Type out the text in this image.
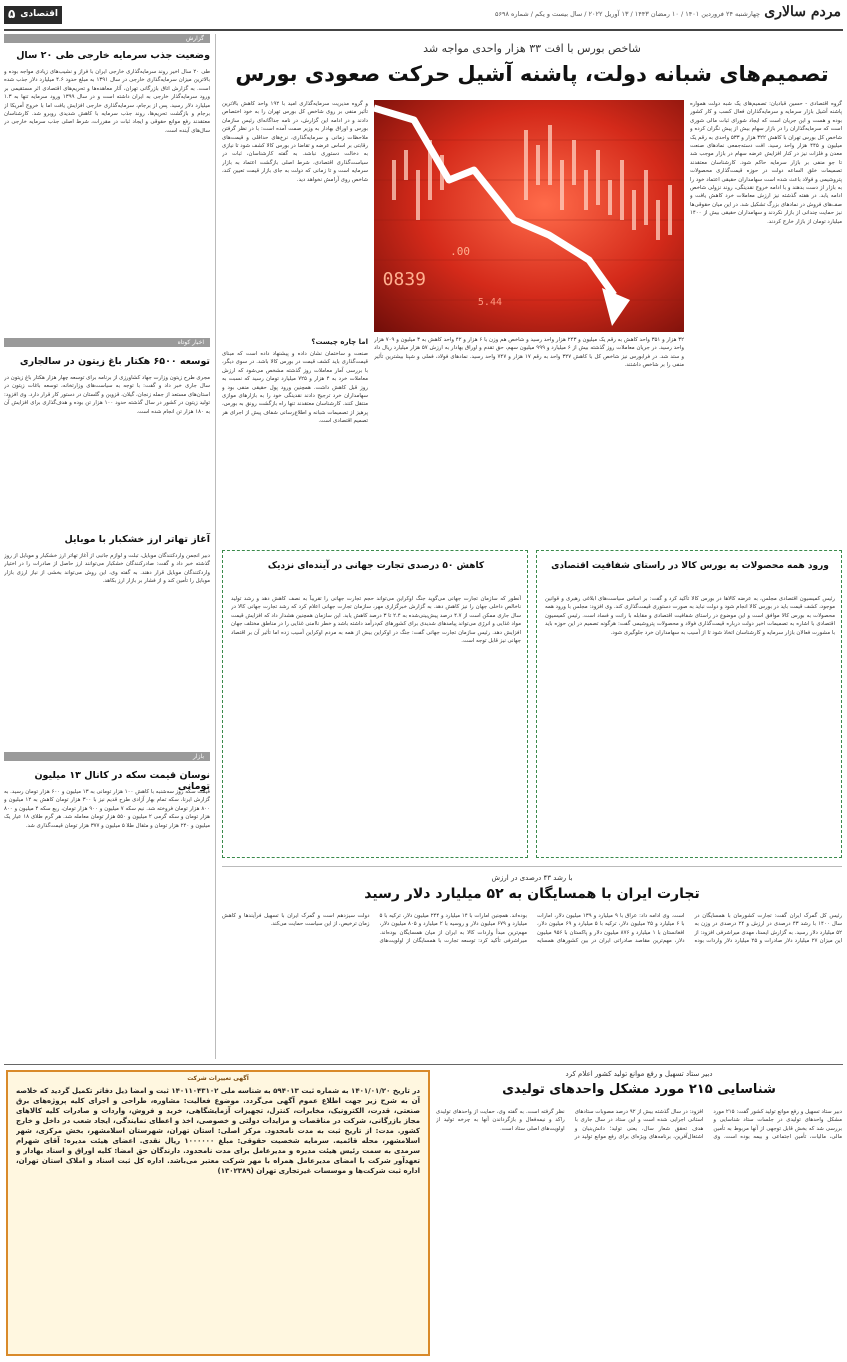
۵ اقتصادی	چهارشنبه ۲۴ فروردین ۱۴۰۱ / ۱۰ رمضان ۱۴۴۳ / ۱۳ آوریل ۲۰۲۲ / سال بیست و یکم / شماره ۵۶۹۸ مردم سالاری
گزارش
وضعیت جذب سرمایه خارجی طی ۲۰ سال
طی ۲۰ سال اخیر روند سرمایه‌گذاری خارجی ایران با فراز و نشیب‌های زیادی مواجه بوده و بالاترین میزان سرمایه‌گذاری خارجی در سال ۱۳۹۱ به مبلغ حدود ۴.۶ میلیارد دلار جذب شده است. به گزارش اتاق بازرگانی تهران، آثار معاهده‌ها و تحریم‌های اقتصادی اثر مستقیمی بر ورود سرمایه‌گذار خارجی به ایران داشته است و در سال ۱۳۹۹ ورود سرمایه تنها به ۱.۳ میلیارد دلار رسید. پس از برجام، سرمایه‌گذاری خارجی افزایش یافت اما با خروج آمریکا از برجام و بازگشت تحریم‌ها، روند جذب سرمایه با کاهش شدیدی روبرو شد. کارشناسان معتقدند رفع موانع حقوقی و ایجاد ثبات در مقررات، شرط اصلی جذب سرمایه خارجی در سال‌های آینده است.
اخبار کوتاه
توسعه ۶۵۰۰ هکتار باغ زیتون در سالجاری
مجری طرح زیتون وزارت جهاد کشاورزی از برنامه برای توسعه چهار هزار هکتار باغ زیتون در سال جاری خبر داد و گفت: با توجه به سیاست‌های وزارتخانه، توسعه باغات زیتون در استان‌های مستعد از جمله زنجان، گیلان، قزوین و گلستان در دستور کار قرار دارد. وی افزود: تولید زیتون در کشور در سال گذشته حدود ۱۰۰ هزار تن بوده و هدف‌گذاری برای افزایش آن به ۱۸۰ هزار تن انجام شده است.
آغاز تهاتر ارز خشکبار با موبایل
دبیر انجمن واردکنندگان موبایل، تبلت و لوازم جانبی از آغاز تهاتر ارز خشکبار و موبایل از روز گذشته خبر داد و گفت: صادرکنندگان خشکبار می‌توانند ارز حاصل از صادرات را در اختیار واردکنندگان موبایل قرار دهند. به گفته وی، این روش می‌تواند بخشی از نیاز ارزی بازار موبایل را تأمین کند و از فشار بر بازار ارز بکاهد.
بازار
نوسان قیمت سکه در کانال ۱۳ میلیون تومانی
قیمت سکه روز سه‌شنبه با کاهش ۱۰۰ هزار تومانی به ۱۳ میلیون و ۶۰۰ هزار تومان رسید. به گزارش ایرنا، سکه تمام بهار آزادی طرح قدیم نیز با ۳۰۰ هزار تومان کاهش به ۱۲ میلیون و ۸۰۰ هزار تومان فروخته شد. نیم سکه ۷ میلیون و ۹۰۰ هزار تومان، ربع سکه ۴ میلیون و ۸۰۰ هزار تومان و سکه گرمی ۲ میلیون و ۵۵۰ هزار تومان معامله شد. هر گرم طلای ۱۸ عیار یک میلیون و ۲۴۰ هزار تومان و مثقال طلا ۵ میلیون و ۳۷۷ هزار تومان قیمت‌گذاری شد.
شاخص بورس با افت ۳۳ هزار واحدی مواجه شد
تصمیم‌های شبانه دولت، پاشنه آشیل حرکت صعودی بورس
0839
00.
5.44
گروه اقتصادی - حسین قبادیان: تصمیم‌های یک شبه دولت همواره پاشنه آشیل بازار سرمایه و سرمایه‌گذاران فعال کسب و کار کشور بوده و هست و این جریان است که ایجاد شورای ثبات مالی شوری است که سرمایه‌گذاران را در بازار سهام بیش از پیش نگران کرده و شاخص کل بورس تهران با کاهش ۳۲۲ هزار و ۵۳۳ واحدی به رقم یک میلیون و ۴۴۵ هزار واحد رسید. افت دسته‌جمعی نمادهای صنعت معدن و فلزات نیز در کنار افزایش عرضه سهام در بازار موجب شد تا جو منفی بر بازار سرمایه حاکم شود. کارشناسان معتقدند تصمیمات خلق الساعه دولت در حوزه قیمت‌گذاری محصولات پتروشیمی و فولاد باعث شده است سهامداران حقیقی اعتماد خود را به بازار از دست بدهند و با ادامه خروج نقدینگی، روند نزولی شاخص ادامه یابد. در هفته گذشته نیز ارزش معاملات خرد کاهش یافت و صف‌های فروش در نمادهای بزرگ تشکیل شد. در این میان حقوقی‌ها نیز حمایت چندانی از بازار نکردند و سهامداران حقیقی بیش از ۱۴۰۰ میلیارد تومان از بازار خارج کردند.
و گروه مدیریت سرمایه‌گذاری امید با ۱۹۲ واحد کاهش بالاترین تأثیر منفی بر روی شاخص کل بورس تهران را به خود اختصاص دادند و در ادامه این گزارش، در نامه جداگانه‌ای رئیس سازمان بورس و اوراق بهادار به وزیر صمت آمده است: با در نظر گرفتن ملاحظات زمانی و سرمایه‌گذاری، نرخ‌های حداقلی و قیمت‌های رقابتی بر اساس عرضه و تقاضا در بورس کالا کشف شود تا نیازی به دخالت دستوری نباشد. به گفته کارشناسان، ثبات در سیاست‌گذاری اقتصادی، شرط اصلی بازگشت اعتماد به بازار سرمایه است و تا زمانی که دولت به جای بازار قیمت تعیین کند، شاخص روی آرامش نخواهد دید.
اما چاره چیست؟
صنعت و ساختمان نشان داده و پیشنهاد داده است که مبنای قیمت‌گذاری باید کشف قیمت در بورس کالا باشد. در سوی دیگر، با بررسی آمار معاملات روز گذشته مشخص می‌شود که ارزش معاملات خرد به ۴ هزار و ۷۲۵ میلیارد تومان رسید که نسبت به روز قبل کاهش داشت. همچنین ورود پول حقیقی منفی بود و سهامداران خرد ترجیح دادند نقدینگی خود را به بازارهای موازی منتقل کنند. کارشناسان معتقدند تنها راه بازگشت رونق به بورس، پرهیز از تصمیمات شبانه و اطلاع‌رسانی شفاف پیش از اجرای هر تصمیم اقتصادی است.
۳۲ هزار و ۳۵۱ واحد کاهش به رقم یک میلیون و ۲۴۳ هزار واحد رسید و شاخص هم وزن با ۶ هزار و ۴۲ واحد کاهش به ۳ میلیون و ۷۰۹ هزار واحد رسید. در جریان معاملات روز گذشته بیش از ۶ میلیارد و ۹۹۹ میلیون سهم، حق تقدم و اوراق بهادار به ارزش ۵۷ هزار میلیارد ریال داد و ستد شد. در فرابورس نیز شاخص کل با کاهش ۳۲۷ واحد به رقم ۱۷ هزار و ۷۴۷ واحد رسید. نمادهای فولاد، فملی و شپنا بیشترین تأثیر منفی را بر شاخص داشتند.
ورود همه محصولات به بورس کالا در راستای شفافیت اقتصادی
رئیس کمیسیون اقتصادی مجلس، به عرضه کالاها در بورس کالا تأکید کرد و گفت: بر اساس سیاست‌های ابلاغی رهبری و قوانین موجود، کشف قیمت باید در بورس کالا انجام شود و دولت نباید به صورت دستوری قیمت‌گذاری کند. وی افزود: مجلس با ورود همه محصولات به بورس کالا موافق است و این موضوع در راستای شفافیت اقتصادی و مقابله با رانت و فساد است. رئیس کمیسیون اقتصادی با اشاره به تصمیمات اخیر دولت درباره قیمت‌گذاری فولاد و محصولات پتروشیمی گفت: هرگونه تصمیم در این حوزه باید با مشورت فعالان بازار سرمایه و کارشناسان اتخاذ شود تا از آسیب به سهامداران خرد جلوگیری شود.
کاهش ۵۰ درصدی تجارت جهانی در آینده‌ای نزدیک
آنطور که سازمان تجارت جهانی می‌گوید جنگ اوکراین می‌تواند حجم تجارت جهانی را تقریباً به نصف کاهش دهد و رشد تولید ناخالص داخلی جهان را نیز کاهش دهد. به گزارش خبرگزاری مهر، سازمان تجارت جهانی اعلام کرد که رشد تجارت جهانی کالا در سال جاری ممکن است از ۴.۷ درصد پیش‌بینی‌شده به ۲.۴ تا ۳ درصد کاهش یابد. این سازمان همچنین هشدار داد که افزایش قیمت مواد غذایی و انرژی می‌تواند پیامدهای شدیدی برای کشورهای کم‌درآمد داشته باشد و خطر ناامنی غذایی را در مناطق مختلف جهان افزایش دهد. رئیس سازمان تجارت جهانی گفت: جنگ در اوکراین بیش از همه به مردم اوکراین آسیب زده اما تأثیر آن بر اقتصاد جهانی نیز قابل توجه است.
با رشد ۴۳ درصدی در ارزش
تجارت ایران با همسایگان به ۵۲ میلیارد دلار رسید
رئیس کل گمرک ایران گفت: تجارت کشورمان با همسایگان در سال ۱۴۰۰ با رشد ۴۳ درصدی در ارزش و ۲۴ درصدی در وزن به ۵۲ میلیارد دلار رسید. به گزارش ایسنا، مهدی میراشرفی افزود: از این میزان ۲۷ میلیارد دلار صادرات و ۲۵ میلیارد دلار واردات بوده است. وی ادامه داد: عراق با ۹ میلیارد و ۱۳۹ میلیون دلار، امارات با ۶ میلیارد و ۲۵ میلیون دلار، ترکیه با ۵ میلیارد و ۶۹ میلیون دلار، افغانستان با ۱ میلیارد و ۸۷۶ میلیون دلار و پاکستان با ۹۵۶ میلیون دلار، مهم‌ترین مقاصد صادراتی ایران در بین کشورهای همسایه بوده‌اند. همچنین امارات با ۱۴ میلیارد و ۲۴۴ میلیون دلار، ترکیه با ۵ میلیارد و ۶۷۹ میلیون دلار و روسیه با ۲ میلیارد و ۸۰۵ میلیون دلار، مهم‌ترین مبدأ واردات کالا به ایران از میان همسایگان بوده‌اند. میراشرفی تأکید کرد: توسعه تجارت با همسایگان از اولویت‌های دولت سیزدهم است و گمرک ایران با تسهیل فرآیندها و کاهش زمان ترخیص، از این سیاست حمایت می‌کند.
دبیر ستاد تسهیل و رفع موانع تولید کشور اعلام کرد
شناسایی ۲۱۵ مورد مشکل واحدهای تولیدی
دبیر ستاد تسهیل و رفع موانع تولید کشور گفت: ۲۱۵ مورد مشکل واحدهای تولیدی در جلسات ستاد شناسایی و بررسی شد که بخش قابل توجهی از آنها مربوط به تأمین مالی، مالیات، تأمین اجتماعی و بیمه بوده است. وی افزود: در سال گذشته بیش از ۹۲ درصد مصوبات ستادهای استانی اجرایی شده است و این ستاد در سال جاری با هدف تحقق شعار سال، یعنی تولید؛ دانش‌بنیان و اشتغال‌آفرین، برنامه‌های ویژه‌ای برای رفع موانع تولید در نظر گرفته است. به گفته وی، حمایت از واحدهای تولیدی راکد و نیمه‌فعال و بازگرداندن آنها به چرخه تولید از اولویت‌های اصلی ستاد است.
آگهی تغییرات شرکت
در تاریخ ۱۴۰۱/۰۱/۲۰ به شماره ثبت ۵۹۴۰۱۳ به شناسه ملی ۱۴۰۱۱۰۴۳۱۰۲ ثبت و امضا ذیل دفاتر تکمیل گردید که خلاصه آن به شرح زیر جهت اطلاع عموم آگهی می‌گردد. موضوع فعالیت: مشاوره، طراحی و اجرای کلیه پروژه‌های برق صنعتی، قدرت، الکترونیک، مخابرات، کنترل، تجهیزات آزمایشگاهی، خرید و فروش، واردات و صادرات کلیه کالاهای مجاز بازرگانی، شرکت در مناقصات و مزایدات دولتی و خصوصی، اخذ و اعطای نمایندگی، ایجاد شعب در داخل و خارج کشور. مدت: از تاریخ ثبت به مدت نامحدود. مرکز اصلی: استان تهران، شهرستان اسلامشهر، بخش مرکزی، شهر اسلامشهر، محله قائمیه. سرمایه شخصیت حقوقی: مبلغ ۱۰۰۰۰۰۰ ریال نقدی. اعضای هیئت مدیره: آقای شهرام سرمدی به سمت رئیس هیئت مدیره و مدیرعامل برای مدت نامحدود. دارندگان حق امضا: کلیه اوراق و اسناد بهادار و تعهدآور شرکت با امضای مدیرعامل همراه با مهر شرکت معتبر می‌باشد. اداره کل ثبت اسناد و املاک استان تهران، اداره ثبت شرکت‌ها و موسسات غیرتجاری تهران (۱۳۰۲۳۸۹)
